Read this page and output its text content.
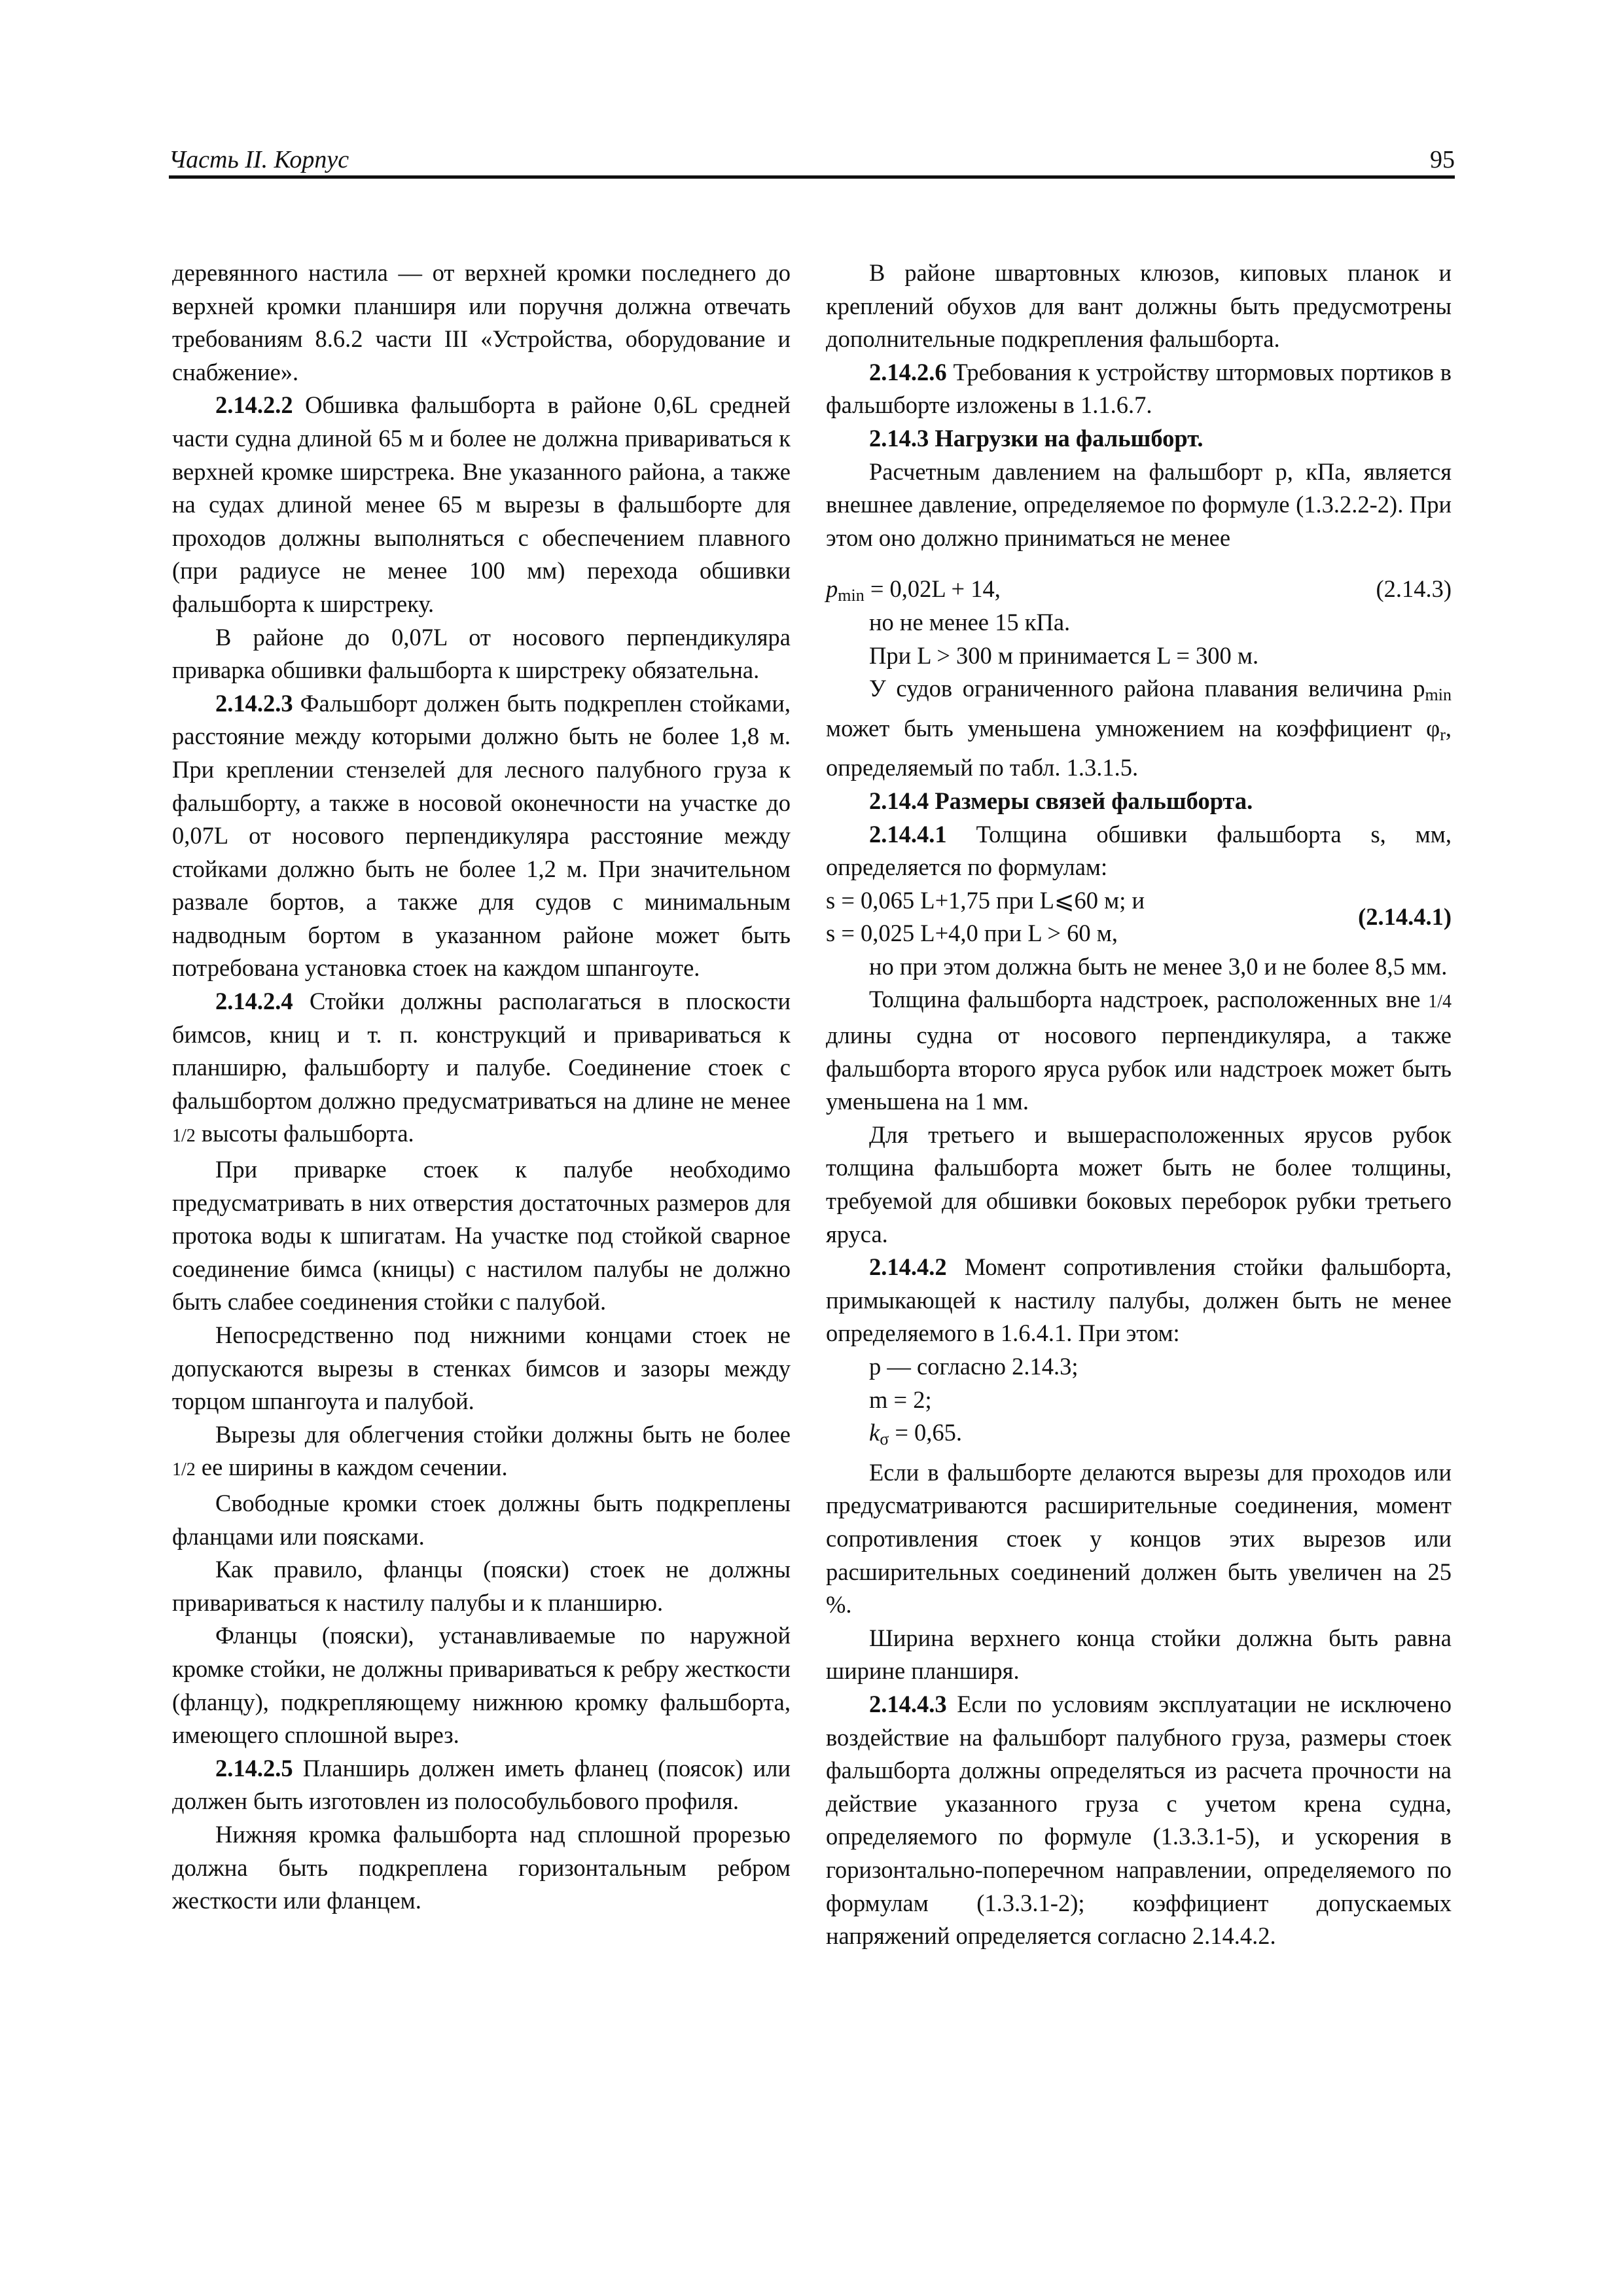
Часть II. Корпус	95

деревянного настила — от верхней кромки последнего до верхней кромки планширя или поручня должна отвечать требованиям 8.6.2 части III «Устройства, оборудование и снабжение».

2.14.2.2 Обшивка фальшборта в районе 0,6L средней части судна длиной 65 м и более не должна привариваться к верхней кромке ширстрека. Вне указанного района, а также на судах длиной менее 65 м вырезы в фальшборте для проходов должны выполняться с обеспечением плавного (при радиусе не менее 100 мм) перехода обшивки фальшборта к ширстреку.

В районе до 0,07L от носового перпендикуляра приварка обшивки фальшборта к ширстреку обязательна.

2.14.2.3 Фальшборт должен быть подкреплен стойками, расстояние между которыми должно быть не более 1,8 м. При креплении стензелей для лесного палубного груза к фальшборту, а также в носовой оконечности на участке до 0,07L от носового перпендикуляра расстояние между стойками должно быть не более 1,2 м. При значительном развале бортов, а также для судов с минимальным надводным бортом в указанном районе может быть потребована установка стоек на каждом шпангоуте.

2.14.2.4 Стойки должны располагаться в плоскости бимсов, книц и т. п. конструкций и привариваться к планширю, фальшборту и палубе. Соединение стоек с фальшбортом должно предусматриваться на длине не менее 1/2 высоты фальшборта.

При приварке стоек к палубе необходимо предусматривать в них отверстия достаточных размеров для протока воды к шпигатам. На участке под стойкой сварное соединение бимса (кницы) с настилом палубы не должно быть слабее соединения стойки с палубой.

Непосредственно под нижними концами стоек не допускаются вырезы в стенках бимсов и зазоры между торцом шпангоута и палубой.

Вырезы для облегчения стойки должны быть не более 1/2 ее ширины в каждом сечении.

Свободные кромки стоек должны быть подкреплены фланцами или поясками.

Как правило, фланцы (пояски) стоек не должны привариваться к настилу палубы и к планширю.

Фланцы (пояски), устанавливаемые по наружной кромке стойки, не должны привариваться к ребру жесткости (фланцу), подкрепляющему нижнюю кромку фальшборта, имеющего сплошной вырез.

2.14.2.5 Планширь должен иметь фланец (поясок) или должен быть изготовлен из полособульбового профиля.

Нижняя кромка фальшборта над сплошной прорезью должна быть подкреплена горизонтальным ребром жесткости или фланцем.

В районе швартовных клюзов, киповых планок и креплений обухов для вант должны быть предусмотрены дополнительные подкрепления фальшборта.

2.14.2.6 Требования к устройству штормовых портиков в фальшборте изложены в 1.1.6.7.

2.14.3 Нагрузки на фальшборт.

Расчетным давлением на фальшборт p, кПа, является внешнее давление, определяемое по формуле (1.3.2.2-2). При этом оно должно приниматься не менее

$p_{min} = 0,02L + 14$,	(2.14.3)

но не менее 15 кПа.

При L > 300 м принимается L = 300 м.

У судов ограниченного района плавания величина $p_{min}$ может быть уменьшена умножением на коэффициент $\varphi_r$, определяемый по табл. 1.3.1.5.

2.14.4 Размеры связей фальшборта.

2.14.4.1 Толщина обшивки фальшборта s, мм, определяется по формулам:

s = 0,065 L+1,75 при L⩽60 м; и
s = 0,025 L+4,0 при L > 60 м,
(2.14.4.1)

но при этом должна быть не менее 3,0 и не более 8,5 мм.

Толщина фальшборта надстроек, расположенных вне 1/4 длины судна от носового перпендикуляра, а также фальшборта второго яруса рубок или надстроек может быть уменьшена на 1 мм.

Для третьего и вышерасположенных ярусов рубок толщина фальшборта может быть не более толщины, требуемой для обшивки боковых переборок рубки третьего яруса.

2.14.4.2 Момент сопротивления стойки фальшборта, примыкающей к настилу палубы, должен быть не менее определяемого в 1.6.4.1. При этом:

p — согласно 2.14.3;

m = 2;

$k_\sigma = 0,65$.

Если в фальшборте делаются вырезы для проходов или предусматриваются расширительные соединения, момент сопротивления стоек у концов этих вырезов или расширительных соединений должен быть увеличен на 25 %.

Ширина верхнего конца стойки должна быть равна ширине планширя.

2.14.4.3 Если по условиям эксплуатации не исключено воздействие на фальшборт палубного груза, размеры стоек фальшборта должны определяться из расчета прочности на действие указанного груза с учетом крена судна, определяемого по формуле (1.3.3.1-5), и ускорения в горизонтально-поперечном направлении, определяемого по формулам (1.3.3.1-2); коэффициент допускаемых напряжений определяется согласно 2.14.4.2.
